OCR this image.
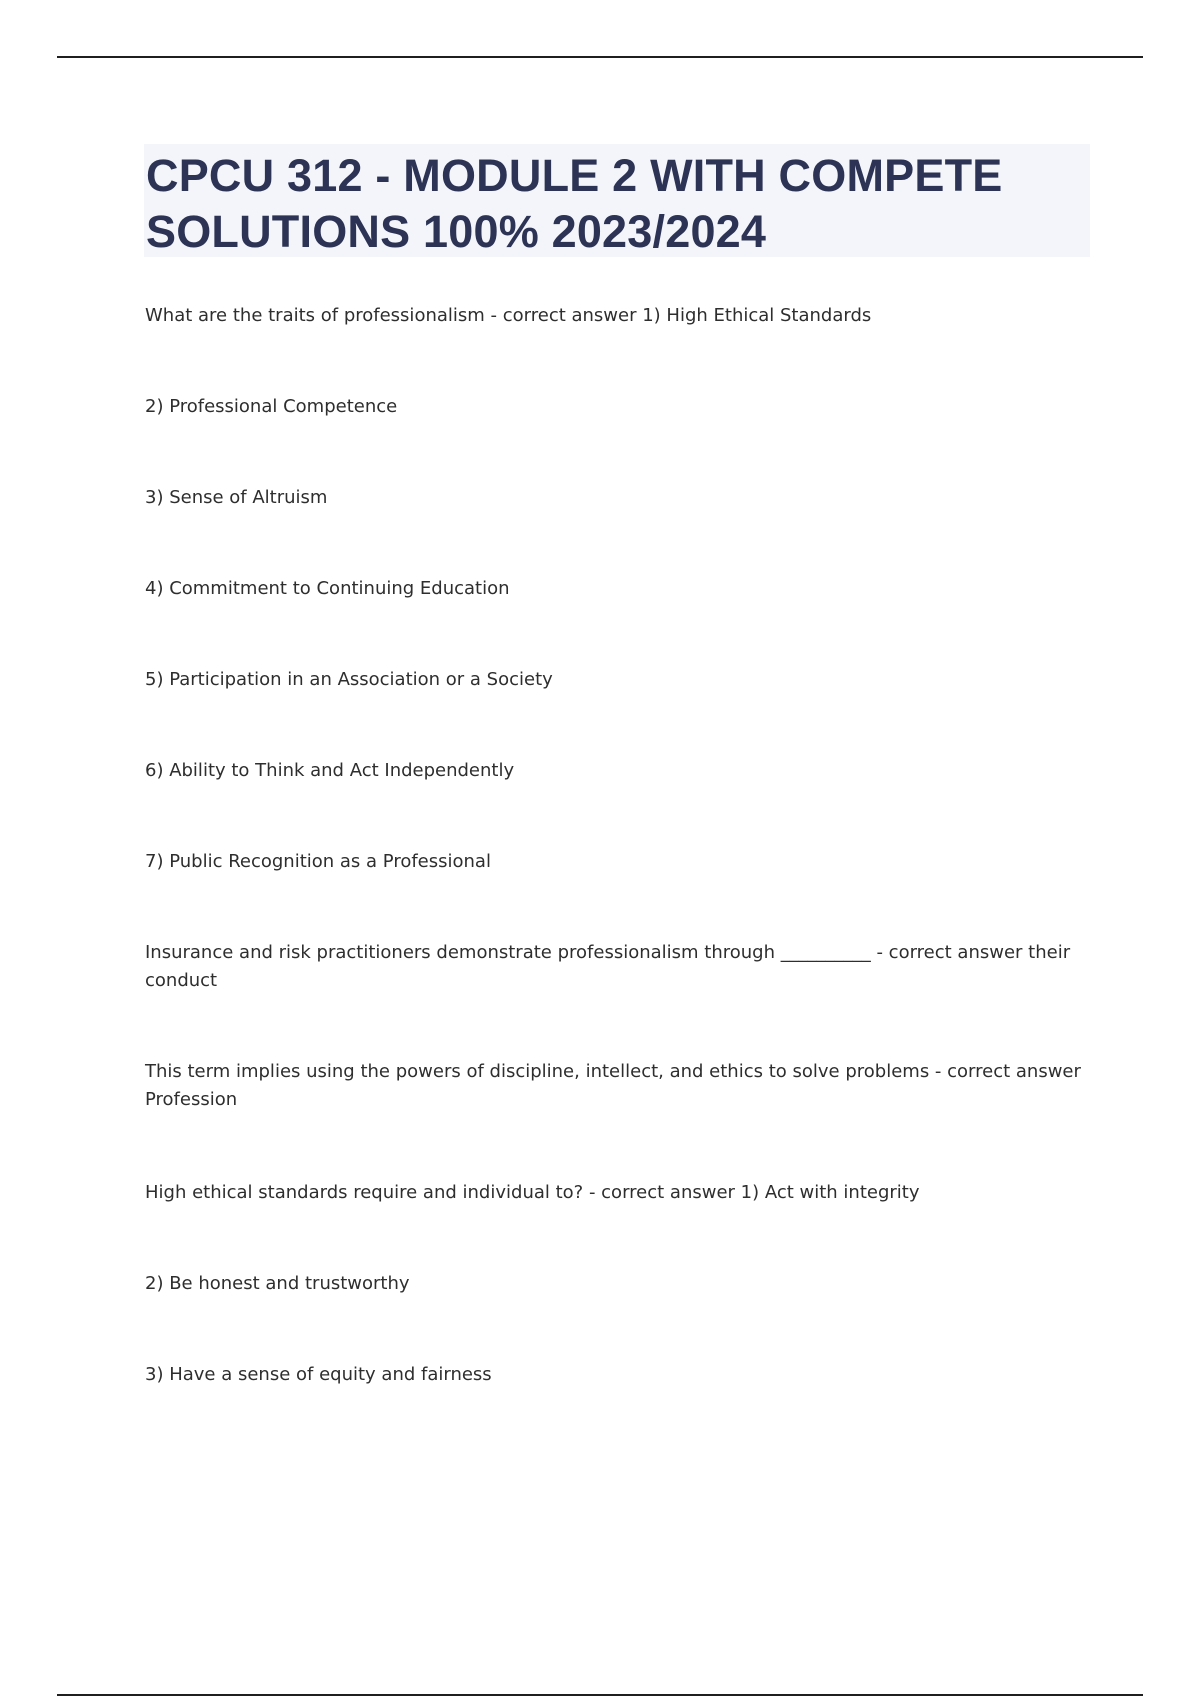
CPCU 312 - MODULE 2 WITH COMPETE SOLUTIONS 100% 2023/2024
What are the traits of professionalism - correct answer 1) High Ethical Standards
2) Professional Competence
3) Sense of Altruism
4) Commitment to Continuing Education
5) Participation in an Association or a Society
6) Ability to Think and Act Independently
7) Public Recognition as a Professional
Insurance and risk practitioners demonstrate professionalism through __________ - correct answer their conduct
This term implies using the powers of discipline, intellect, and ethics to solve problems - correct answer Profession
High ethical standards require and individual to? - correct answer 1) Act with integrity
2) Be honest and trustworthy
3) Have a sense of equity and fairness
